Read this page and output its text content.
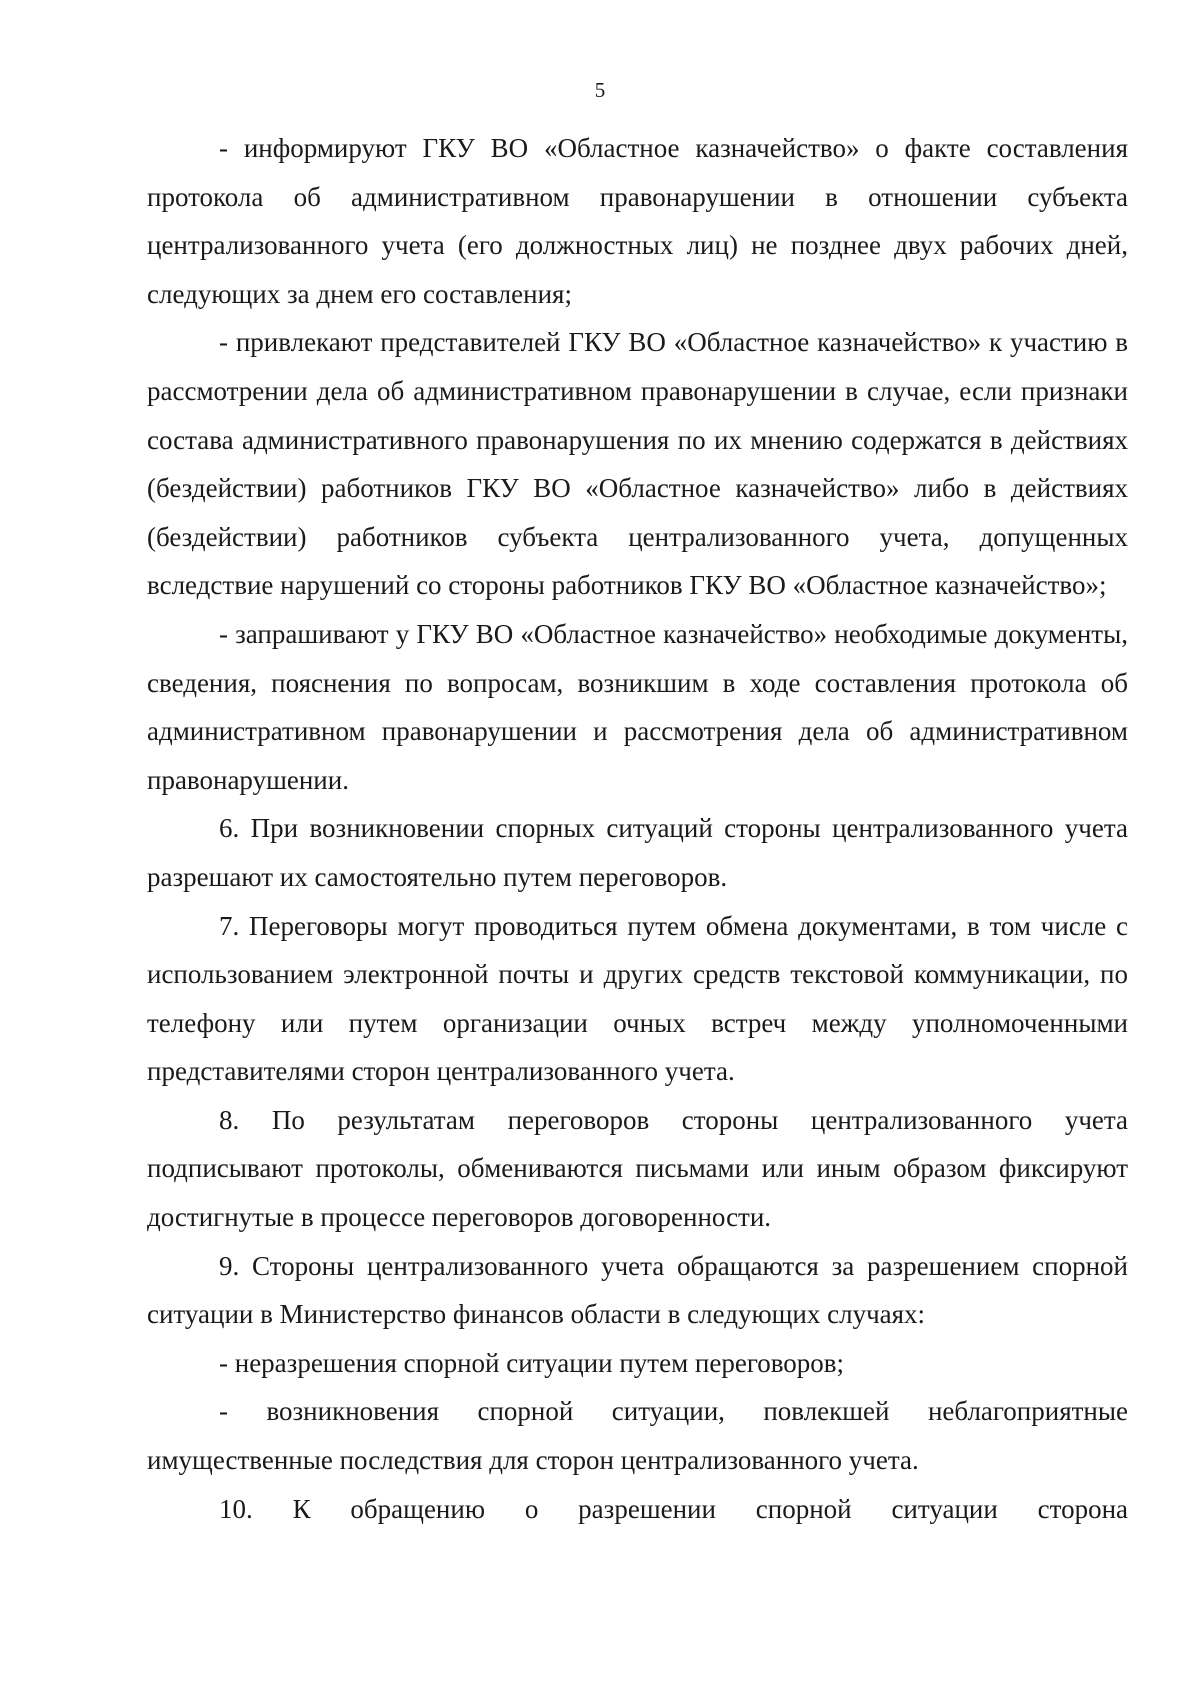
5

- информируют ГКУ ВО «Областное казначейство» о факте составления протокола об административном правонарушении в отношении субъекта централизованного учета (его должностных лиц) не позднее двух рабочих дней, следующих за днем его составления;

- привлекают представителей ГКУ ВО «Областное казначейство» к участию в рассмотрении дела об административном правонарушении в случае, если признаки состава административного правонарушения по их мнению содержатся в действиях (бездействии) работников ГКУ ВО «Областное казначейство» либо в действиях (бездействии) работников субъекта централизованного учета, допущенных вследствие нарушений со стороны работников ГКУ ВО «Областное казначейство»;

- запрашивают у ГКУ ВО «Областное казначейство» необходимые документы, сведения, пояснения по вопросам, возникшим в ходе составления протокола об административном правонарушении и рассмотрения дела об административном правонарушении.

6. При возникновении спорных ситуаций стороны централизованного учета разрешают их самостоятельно путем переговоров.

7. Переговоры могут проводиться путем обмена документами, в том числе с использованием электронной почты и других средств текстовой коммуникации, по телефону или путем организации очных встреч между уполномоченными представителями сторон централизованного учета.

8. По результатам переговоров стороны централизованного учета подписывают протоколы, обмениваются письмами или иным образом фиксируют достигнутые в процессе переговоров договоренности.

9. Стороны централизованного учета обращаются за разрешением спорной ситуации в Министерство финансов области в следующих случаях:

- неразрешения спорной ситуации путем переговоров;

- возникновения спорной ситуации, повлекшей неблагоприятные имущественные последствия для сторон централизованного учета.

10. К обращению о разрешении спорной ситуации сторона
